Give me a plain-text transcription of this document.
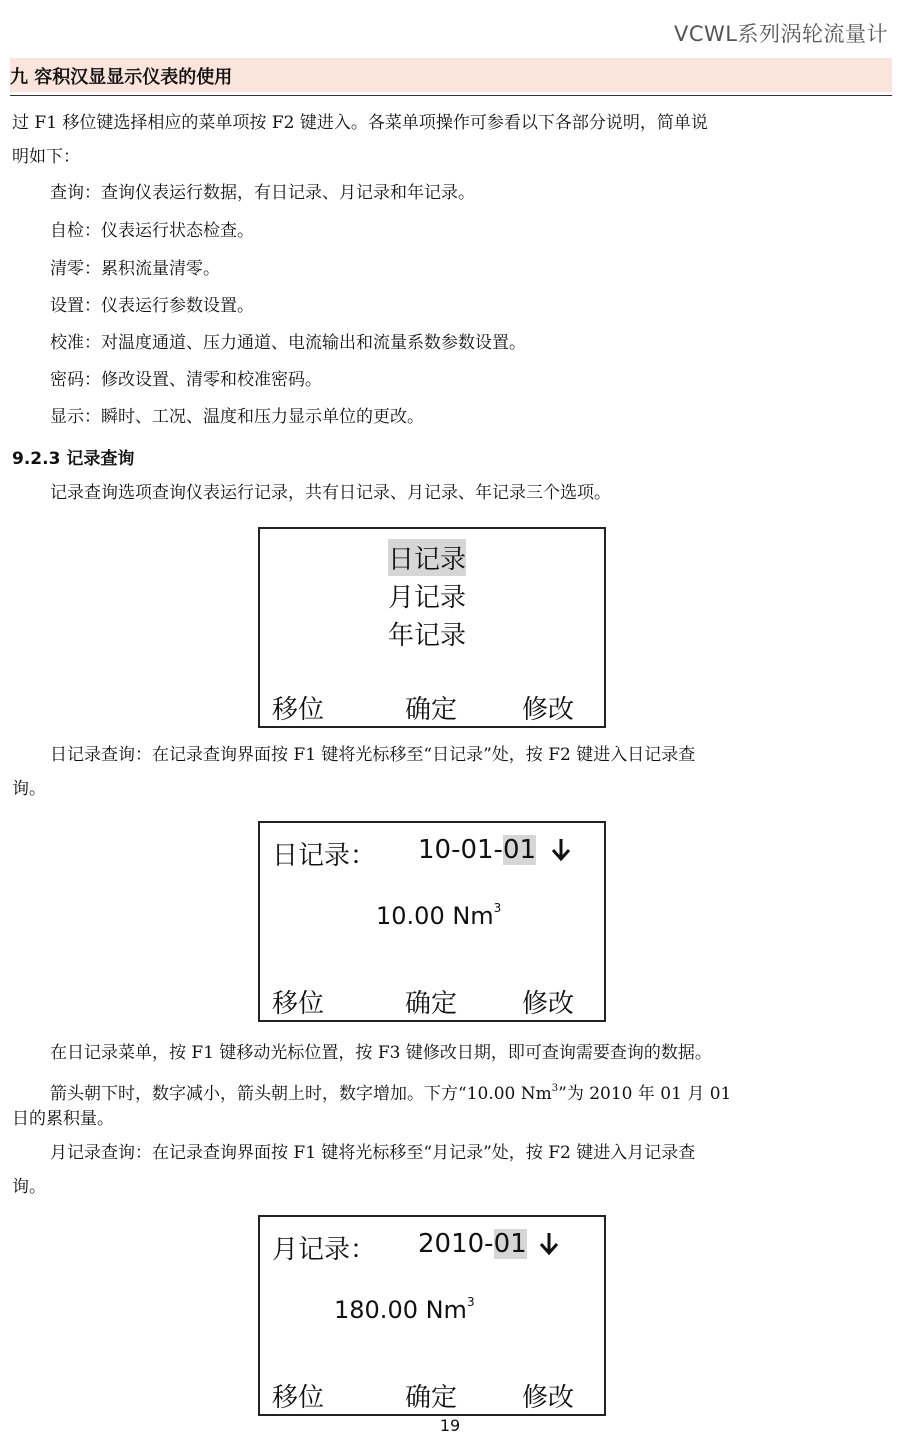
VCWL系列涡轮流量计
九 容积汉显显示仪表的使用
过 F1 移位键选择相应的菜单项按 F2 键进入。各菜单项操作可参看以下各部分说明，简单说
明如下：
查询：查询仪表运行数据，有日记录、月记录和年记录。
自检：仪表运行状态检查。
清零：累积流量清零。
设置：仪表运行参数设置。
校准：对温度通道、压力通道、电流输出和流量系数参数设置。
密码：修改设置、清零和校准密码。
显示：瞬时、工况、温度和压力显示单位的更改。
9.2.3 记录查询
记录查询选项查询仪表运行记录，共有日记录、月记录、年记录三个选项。
日记录
月记录
年记录
移位	确定 修改
日记录查询：在记录查询界面按 F1 键将光标移至“日记录”处，按 F2 键进入日记录查
询。
日记录： 10-01-01
10.00 Nm$^3$
移位	确定 修改
在日记录菜单，按 F1 键移动光标位置，按 F3 键修改日期，即可查询需要查询的数据。
箭头朝下时，数字减小，箭头朝上时，数字增加。下方“10.00 Nm$^3$”为 2010 年 01 月 01
日的累积量。
月记录查询：在记录查询界面按 F1 键将光标移至“月记录”处，按 F2 键进入月记录查
询。
月记录： 2010-01
180.00 Nm$^3$
移位	确定 修改
19
